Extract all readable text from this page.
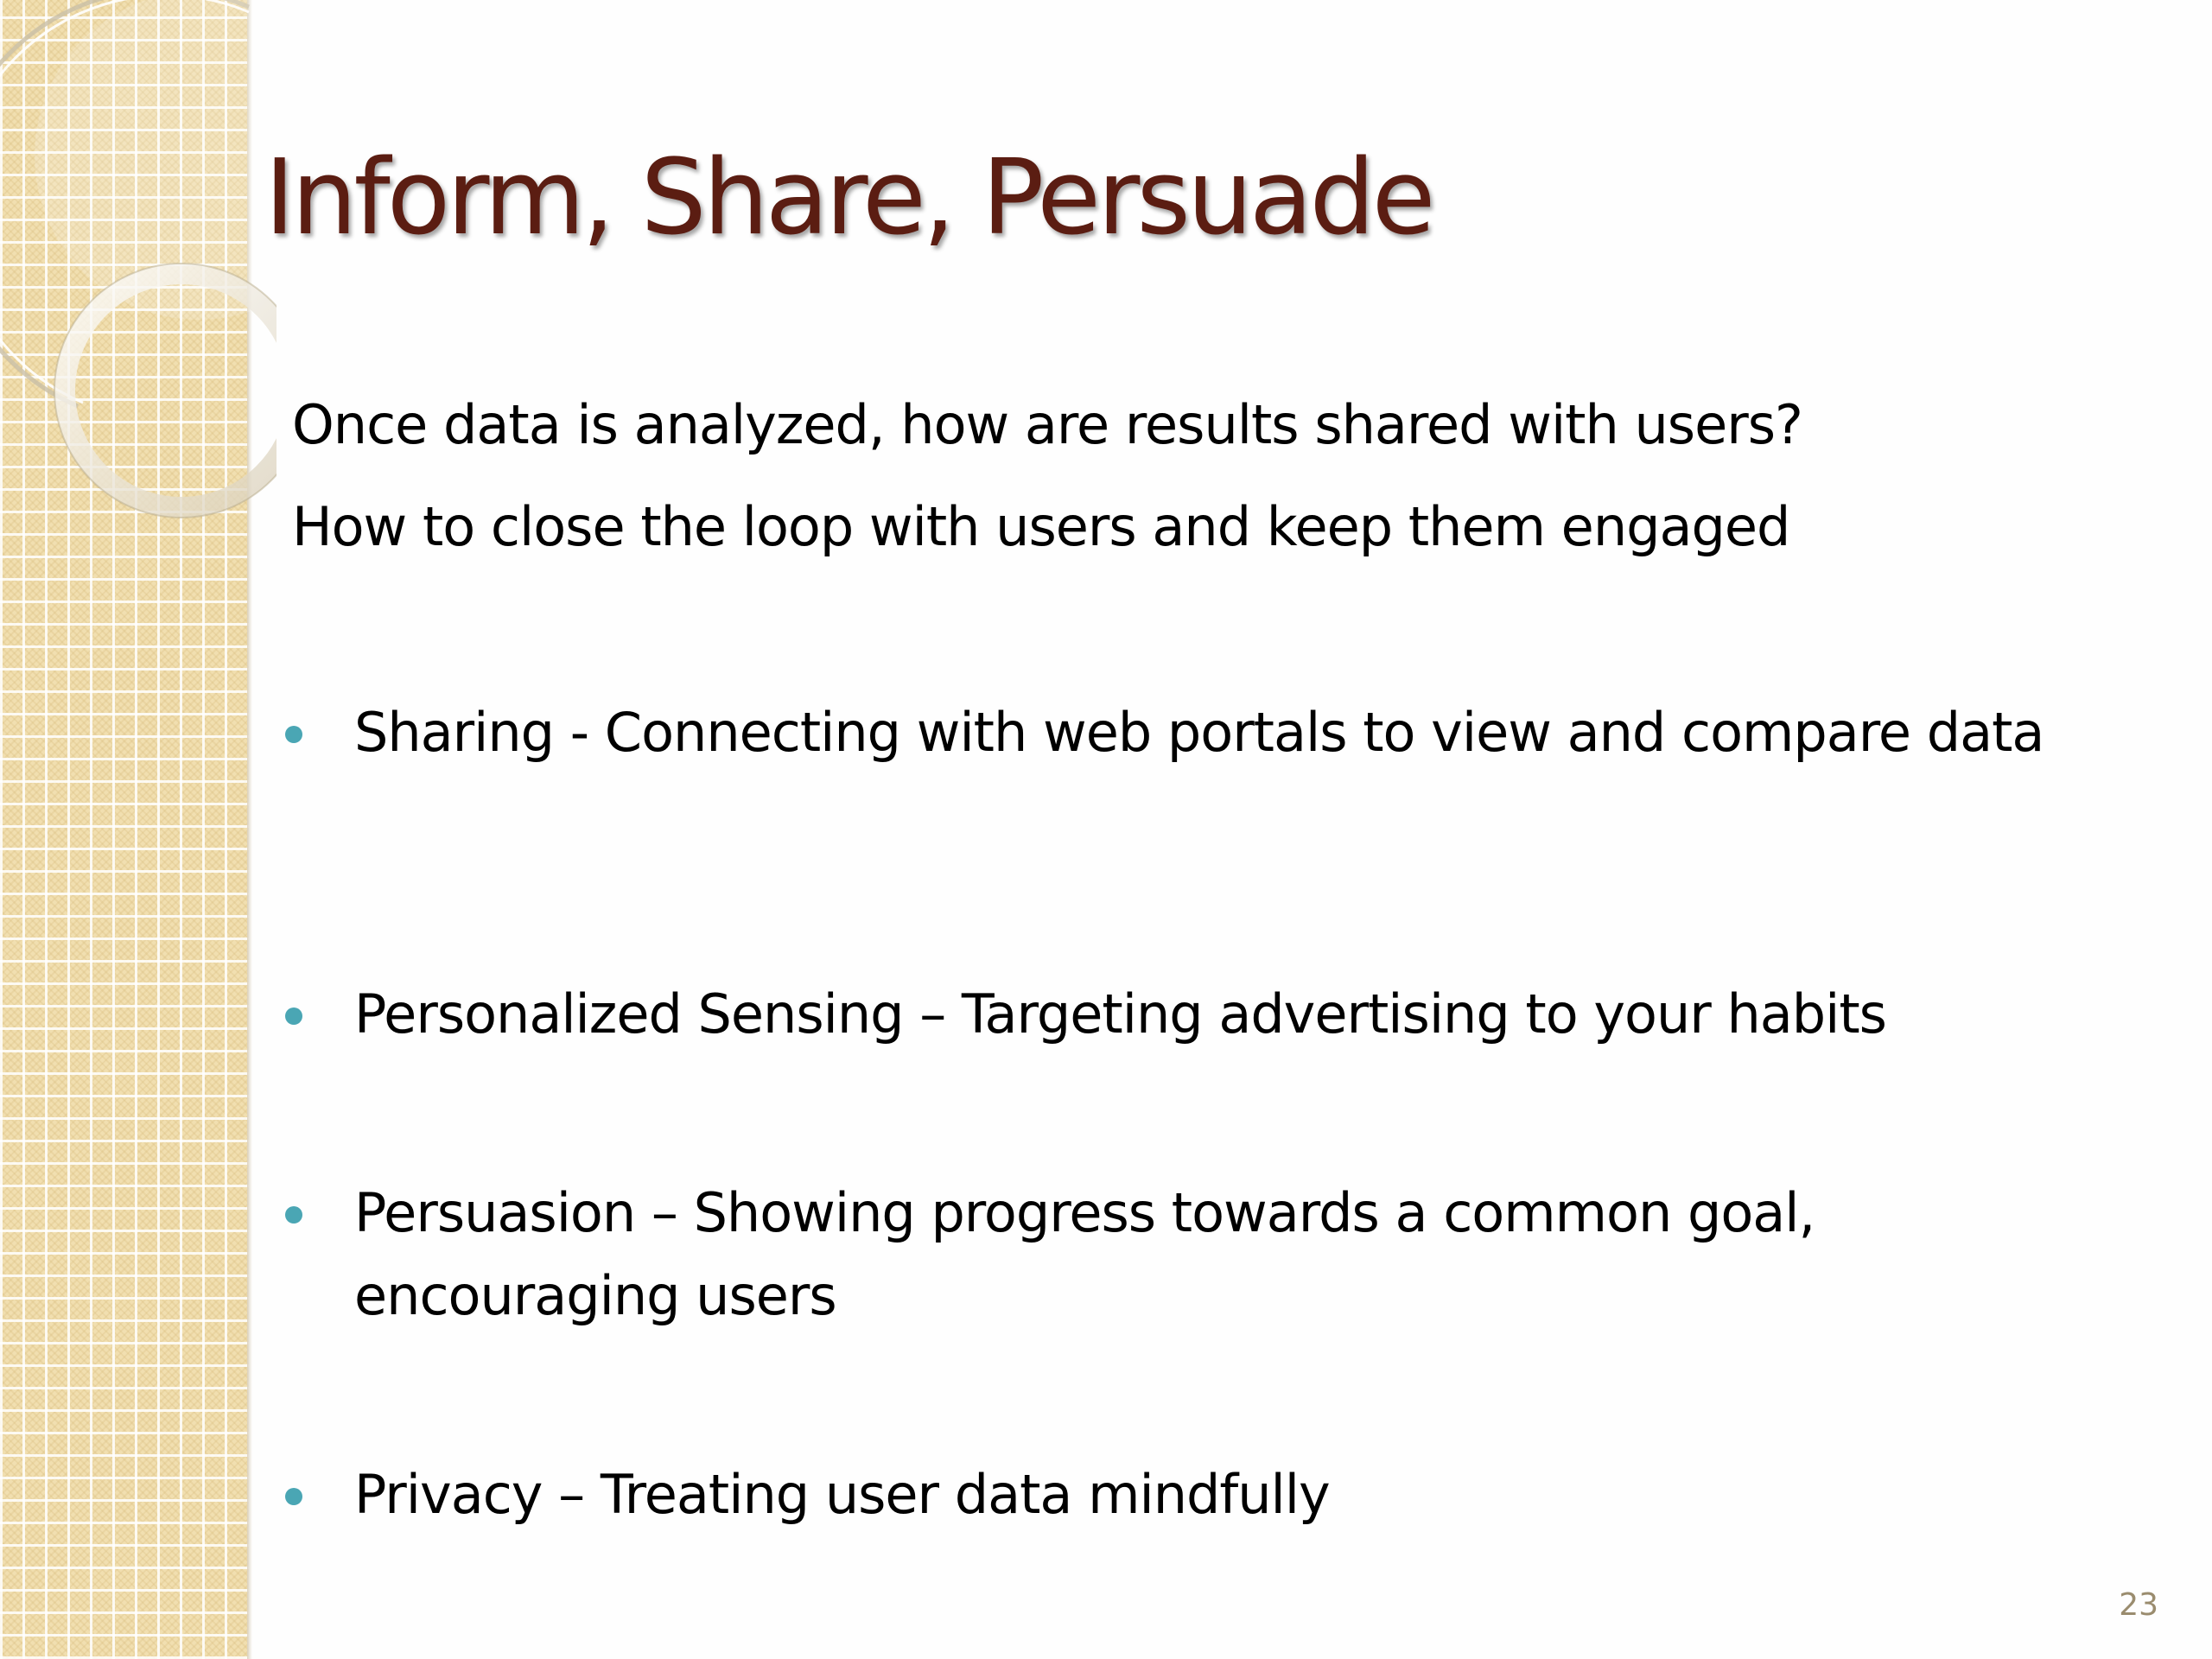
Inform, Share, Persuade
Once data is analyzed, how are results shared with users?
How to close the loop with users and keep them engaged
Sharing - Connecting with web portals to view and compare data
Personalized Sensing – Targeting advertising to your habits
Persuasion – Showing progress towards a common goal, encouraging users
Privacy – Treating user data mindfully
23
